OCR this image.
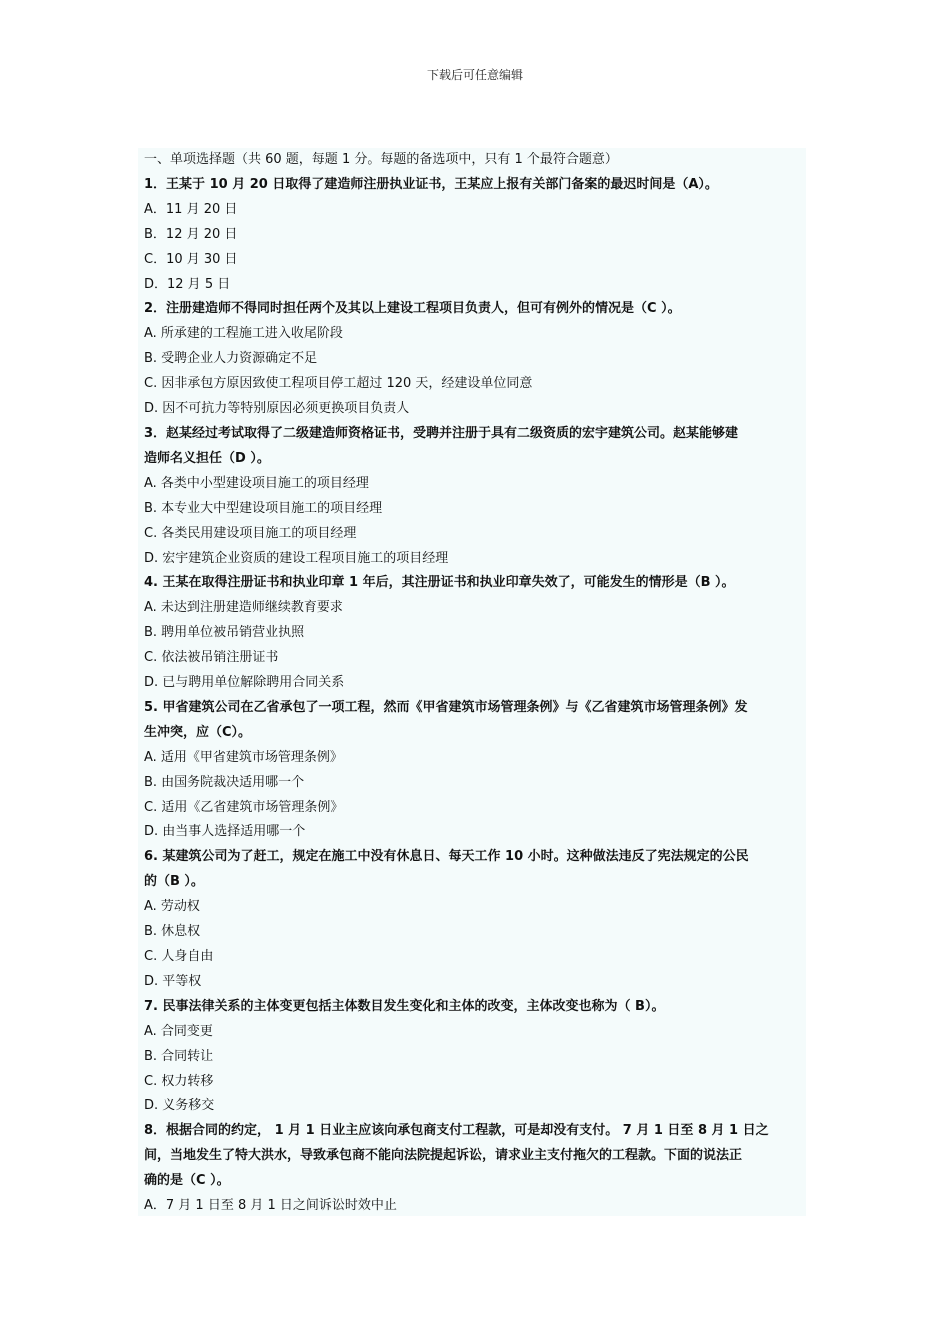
下载后可任意编辑
一、单项选择题（共 60 题，每题 1 分。每题的备选项中，只有 1 个最符合题意）
1．王某于 10 月 20 日取得了建造师注册执业证书，王某应上报有关部门备案的最迟时间是（A）。
A．11 月 20 日
B．12 月 20 日
C．10 月 30 日
D．12 月 5 日
2．注册建造师不得同时担任两个及其以上建设工程项目负责人，但可有例外的情况是（C ）。
A. 所承建的工程施工进入收尾阶段
B. 受聘企业人力资源确定不足
C. 因非承包方原因致使工程项目停工超过 120 天，经建设单位同意
D. 因不可抗力等特别原因必须更换项目负责人
3．赵某经过考试取得了二级建造师资格证书，受聘并注册于具有二级资质的宏宇建筑公司。赵某能够建
造师名义担任（D ）。
A. 各类中小型建设项目施工的项目经理
B. 本专业大中型建设项目施工的项目经理
C. 各类民用建设项目施工的项目经理
D. 宏宇建筑企业资质的建设工程项目施工的项目经理
4. 王某在取得注册证书和执业印章 1 年后，其注册证书和执业印章失效了，可能发生的情形是（B ）。
A. 未达到注册建造师继续教育要求
B. 聘用单位被吊销营业执照
C. 依法被吊销注册证书
D. 已与聘用单位解除聘用合同关系
5. 甲省建筑公司在乙省承包了一项工程，然而《甲省建筑市场管理条例》与《乙省建筑市场管理条例》发
生冲突，应（C）。
A. 适用《甲省建筑市场管理条例》
B. 由国务院裁决适用哪一个
C. 适用《乙省建筑市场管理条例》
D. 由当事人选择适用哪一个
6. 某建筑公司为了赶工，规定在施工中没有休息日、每天工作 10 小时。这种做法违反了宪法规定的公民
的（B ）。
A. 劳动权
B. 休息权
C. 人身自由
D. 平等权
7. 民事法律关系的主体变更包括主体数目发生变化和主体的改变，主体改变也称为（ B）。
A. 合同变更
B. 合同转让
C. 权力转移
D. 义务移交
8．根据合同的约定， 1 月 1 日业主应该向承包商支付工程款，可是却没有支付。 7 月 1 日至 8 月 1 日之
间，当地发生了特大洪水，导致承包商不能向法院提起诉讼，请求业主支付拖欠的工程款。下面的说法正
确的是（C ）。
A．7 月 1 日至 8 月 1 日之间诉讼时效中止
